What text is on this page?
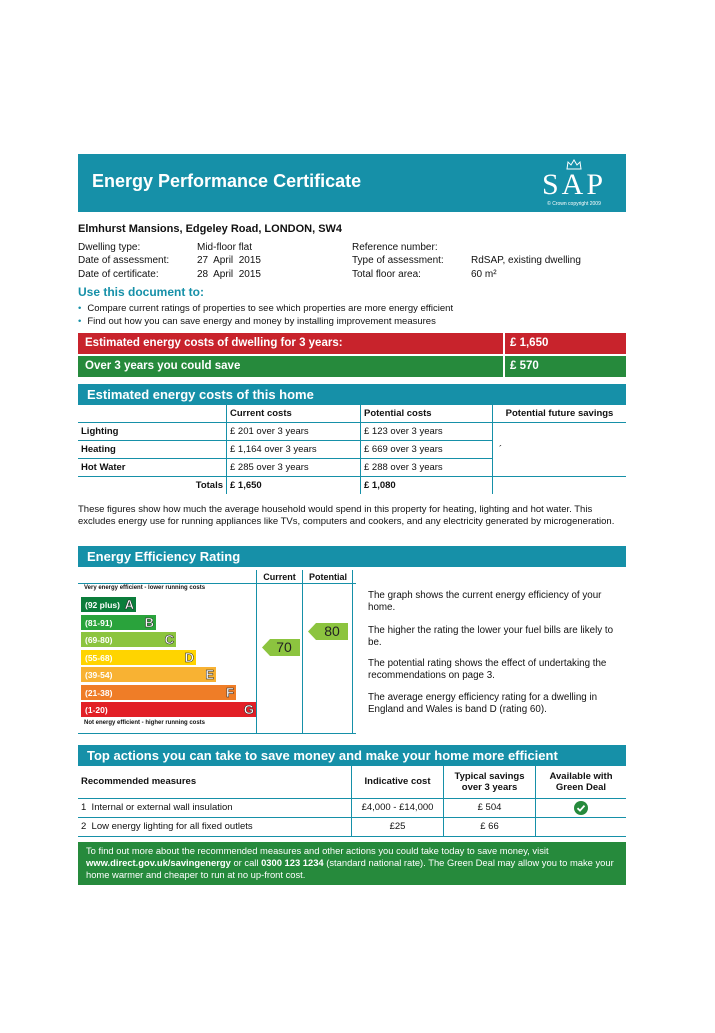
Energy Performance Certificate	SAP
© Crown copyright 2009
Elmhurst Mansions, Edgeley Road, LONDON, SW4
Dwelling type:	Mid-floor flat
Date of assessment:	27  April  2015
Date of certificate:	28  April  2015
Reference number:
Type of assessment:	RdSAP, existing dwelling
Total floor area:	60 m²
Use this document to:
• Compare current ratings of properties to see which properties are more energy efficient
• Find out how you can save energy and money by installing improvement measures
Estimated energy costs of dwelling for 3 years:	£ 1,650
Over 3 years you could save	£ 570
Estimated energy costs of this home
	Current costs	Potential costs	Potential future savings
Lighting	£ 201 over 3 years	£ 123 over 3 years	´
Heating	£ 1,164 over 3 years	£ 669 over 3 years	
Hot Water	£ 285 over 3 years	£ 288 over 3 years	
Totals	£ 1,650	£ 1,080	
These figures show how much the average household would spend in this property for heating, lighting and hot water. This excludes energy use for running appliances like TVs, computers and cookers, and any electricity generated by microgeneration.
Energy Efficiency Rating
Current	Potential
Very energy efficient - lower running costs
Not energy efficient - higher running costs
(92 plus) A
(81-91) B
(69-80)	C
(55-68)	D
(39-54)	E
(21-38)	F
(1-20)	G
70
80
The graph shows the current energy efficiency of your home.
The higher the rating the lower your fuel bills are likely to be.
The potential rating shows the effect of undertaking the recommendations on page 3.
The average energy efficiency rating for a dwelling in England and Wales is band D (rating 60).
Top actions you can take to save money and make your home more efficient
Recommended measures	Indicative cost	Typical savings over 3 years	Available with Green Deal
1  Internal or external wall insulation	£4,000 - £14,000	£ 504	
2  Low energy lighting for all fixed outlets	£25	£ 66	
To find out more about the recommended measures and other actions you could take today to save money, visit www.direct.gov.uk/savingenergy or call 0300 123 1234 (standard national rate). The Green Deal may allow you to make your home warmer and cheaper to run at no up-front cost.
